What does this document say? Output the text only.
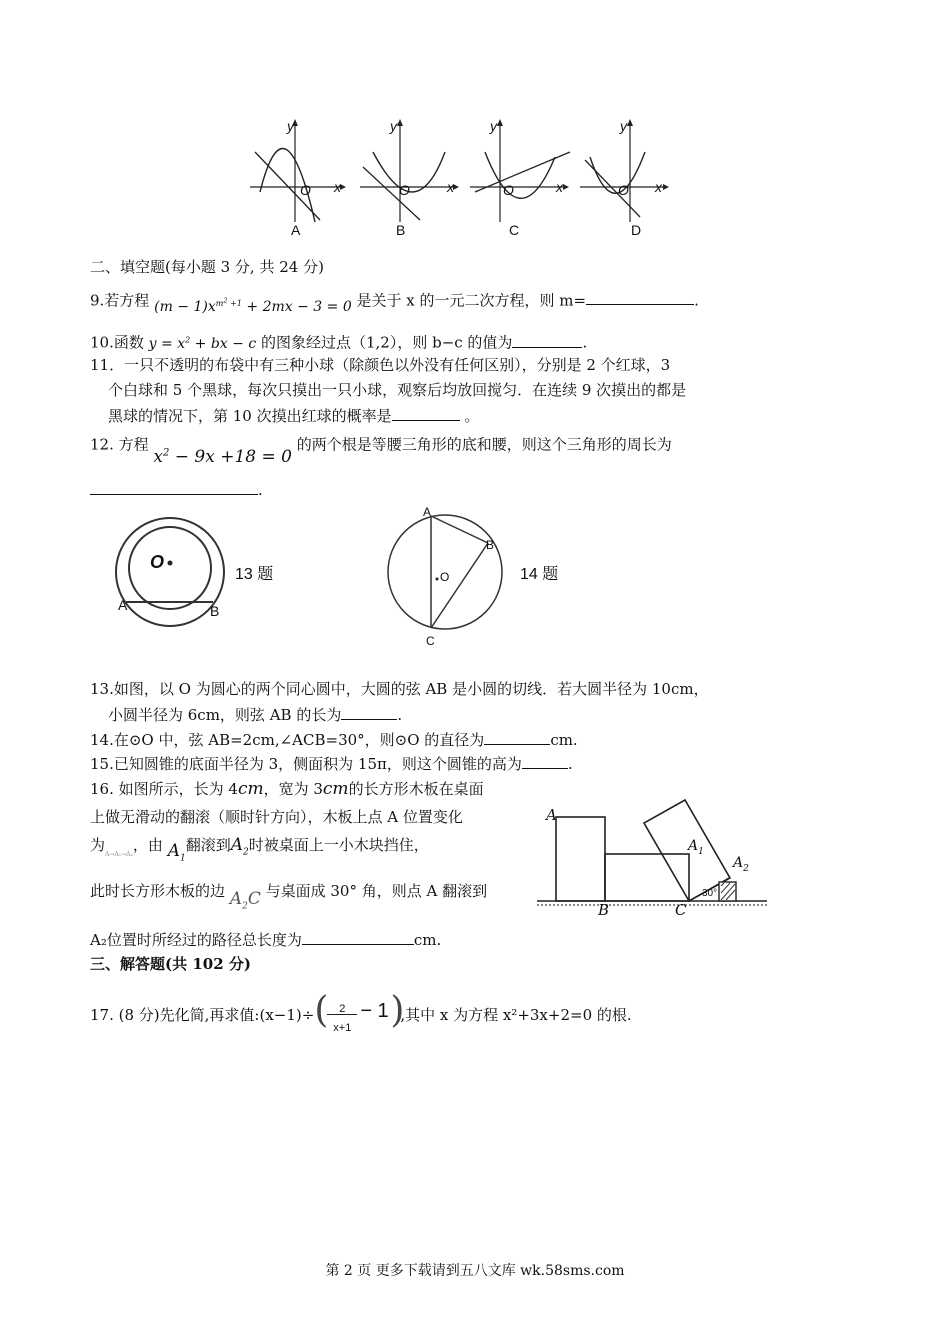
y
O x
y
O	x
y
O	x
y
O x
A	B	C	D
二、填空题(每小题 3 分, 共 24 分)
9.若方程 $(m - 1)x^{m^2 +1} + 2mx - 3 = 0$ 是关于 x 的一元二次方程，则 m=	.
10.函数 $y = x^2$ + bx − c 的图象经过点（1,2），则 b−c 的值为	.
11．一只不透明的布袋中有三种小球（除颜色以外没有任何区别），分别是 2 个红球，3
个白球和 5 个黑球，每次只摸出一只小球，观察后均放回搅匀．在连续 9 次摸出的都是
黑球的情况下，第 10 次摸出红球的概率是	。
12. 方程 $x^2 - 9x +18 = 0$ 的两个根是等腰三角形的底和腰，则这个三角形的周长为
.
O
A	B
13 题
A
B
O
C
14 题
13.如图，以 O 为圆心的两个同心圆中，大圆的弦 AB 是小圆的切线．若大圆半径为 10cm，
小圆半径为 6cm，则弦 AB 的长为	.
14.在⊙O 中，弦 AB=2cm,∠ACB=30°，则⊙O 的直径为	cm.
15.已知圆锥的底面半径为 3，侧面积为 15π，则这个圆锥的高为	.
16. 如图所示，长为 4cm，宽为 3cm的长方形木板在桌面
上做无滑动的翻滚（顺时针方向），木板上点 A 位置变化
为$_{A\to A_1\to A_2}$，由 $A_1$翻滚到$A_2$时被桌面上一小木块挡住，
此时长方形木板的边 $A_2C$ 与桌面成 30° 角，则点 A 翻滚到
A₂位置时所经过的路径总长度为	cm.
A
$A_1$
$A_2$
B	C
30°
三、解答题(共 102 分)
17. (8 分)先化简,再求值:(x−1)÷ ( 2
x+1
− 1 )
,其中 x 为方程 x²+3x+2=0 的根.
第 2 页 更多下载请到五八文库 wk.58sms.com
